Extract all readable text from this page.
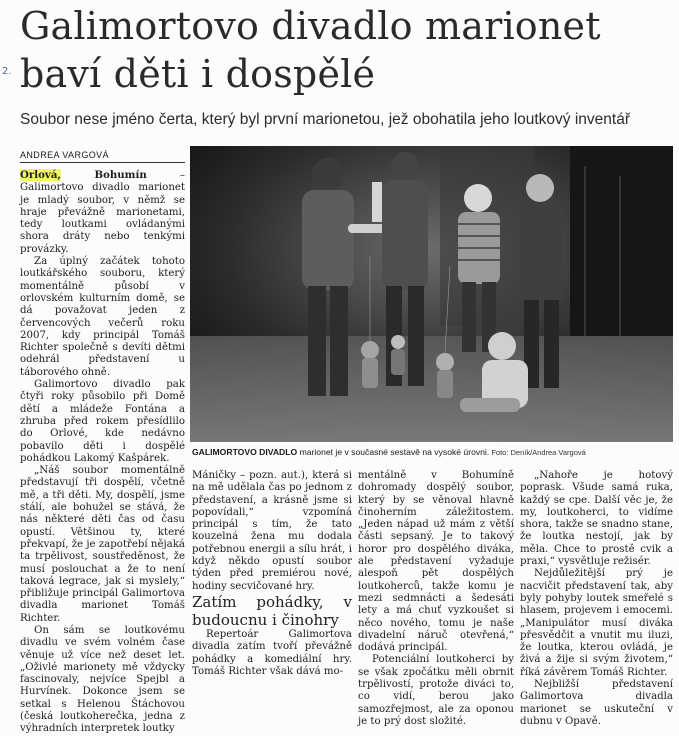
2.
Galimortovo divadlo marionet baví děti i dospělé

Soubor nese jméno čerta, který byl první marionetou, jež obohatila jeho loutkový inventář

ANDREA VARGOVÁ

Orlová, Bohumín – Galimortovo divadlo marionet je mladý soubor, v němž se hraje převážně marionetami, tedy loutkami ovládanými shora dráty nebo tenkými provázky.

Za úplný začátek tohoto loutkářského souboru, který momentálně působí v orlovském kulturním domě, se dá považovat jeden z červencových večerů roku 2007, kdy principál Tomáš Richter společně s devíti dětmi odehrál představení u táborového ohně.

Galimortovo divadlo pak čtyři roky působilo při Domě dětí a mládeže Fontána a zhruba před rokem přesídlilo do Orlové, kde nedávno pobavilo děti i dospělé pohádkou Lakomý Kašpárek.

„Náš soubor momentálně představují tři dospělí, včetně mě, a tři děti. My, dospělí, jsme stálí, ale bohužel se stává, že nás některé děti čas od času opustí. Většinou ty, které překvapí, že je zapotřebí nějaká ta trpělivost, soustředěnost, že musí poslouchat a že to není taková legrace, jak si myslely,“ přibližuje principál Galimortova divadla marionet Tomáš Richter.

On sám se loutkovému divadlu ve svém volném čase věnuje už více než deset let. „Oživlé marionety mě vždycky fascinovaly, nejvíce Spejbl a Hurvínek. Dokonce jsem se setkal s Helenou Štáchovou (česká loutkoherečka, jedna z výhradních interpretek loutky

GALIMORTOVO DIVADLO marionet je v současné sestavě na vysoké úrovni. Foto: Deník/Andrea Vargová

Máničky – pozn. aut.), která si na mě udělala čas po jednom z představení, a krásně jsme si popovídali,“ vzpomíná principál s tím, že tato kouzelná žena mu dodala potřebnou energii a sílu hrát, i když někdo opustí soubor týden před premiérou nové, hodiny secvičované hry.

Zatím pohádky, v budoucnu i činohry

Repertoár Galimortova divadla zatím tvoří převážně pohádky a komediální hry. Tomáš Richter však dává mo-

mentálně v Bohumíně dohromady dospělý soubor, který by se věnoval hlavně činoherním záležitostem. „Jeden nápad už mám z větší části sepsaný. Je to takový horor pro dospělého diváka, ale představení vyžaduje alespoň pět dospělých loutkoherců, takže komu je mezi sedmnácti a šedesáti lety a má chuť vyzkoušet si něco nového, tomu je naše divadelní náruč otevřená,“ dodává principál.

Potenciální loutkoherci by se však zpočátku měli obrnit trpělivostí, protože diváci to, co vidí, berou jako samozřejmost, ale za oponou je to prý dost složité.

„Nahoře je hotový poprask. Všude samá ruka, každý se cpe. Další věc je, že my, loutkoherci, to vidíme shora, takže se snadno stane, že loutka nestojí, jak by měla. Chce to prostě cvik a praxi,“ vysvětluje režisér.

Nejdůležitější prý je nacvičit představení tak, aby byly pohyby loutek smeřelé s hlasem, projevem i emocemi. „Manipulátor musí diváka přesvědčit a vnutit mu iluzi, že loutka, kterou ovládá, je živá a žije si svým životem,“ říká závěrem Tomáš Richter.

Nejbližší představení Galimortova divadla marionet se uskuteční v dubnu v Opavě.
